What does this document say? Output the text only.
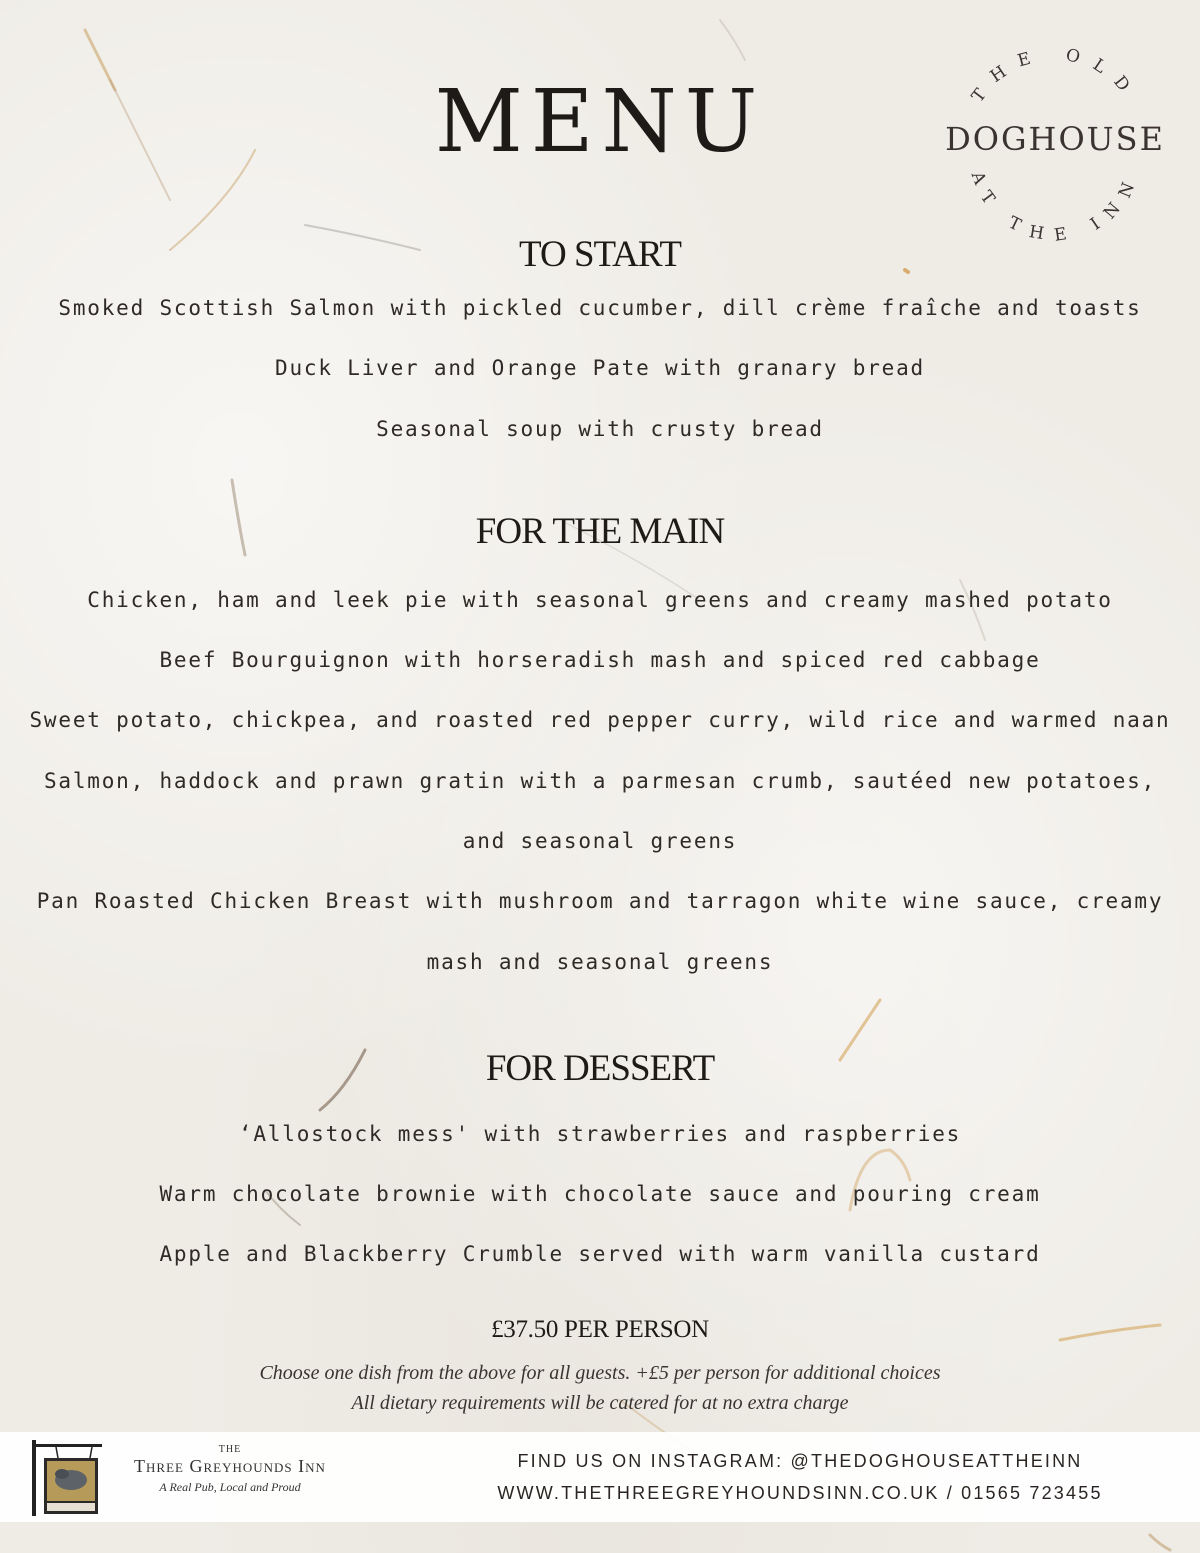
MENU	THE OLD
AT THE INN
DOGHOUSE
TO START
Smoked Scottish Salmon with pickled cucumber, dill crème fraîche and toasts
Duck Liver and Orange Pate with granary bread
Seasonal soup with crusty bread
FOR THE MAIN
Chicken, ham and leek pie with seasonal greens and creamy mashed potato
Beef Bourguignon with horseradish mash and spiced red cabbage
Sweet potato, chickpea, and roasted red pepper curry, wild rice and warmed naan
Salmon, haddock and prawn gratin with a parmesan crumb, sautéed new potatoes,
and seasonal greens
Pan Roasted Chicken Breast with mushroom and tarragon white wine sauce, creamy
mash and seasonal greens
FOR DESSERT
‘Allostock mess' with strawberries and raspberries
Warm chocolate brownie with chocolate sauce and pouring cream
Apple and Blackberry Crumble served with warm vanilla custard
£37.50 PER PERSON
Choose one dish from the above for all guests. +£5 per person for additional choices
All dietary requirements will be catered for at no extra charge
THE
Three Greyhounds Inn
A Real Pub, Local and Proud
FIND US ON INSTAGRAM: @THEDOGHOUSEATTHEINN
WWW.THETHREEGREYHOUNDSINN.CO.UK / 01565 723455
